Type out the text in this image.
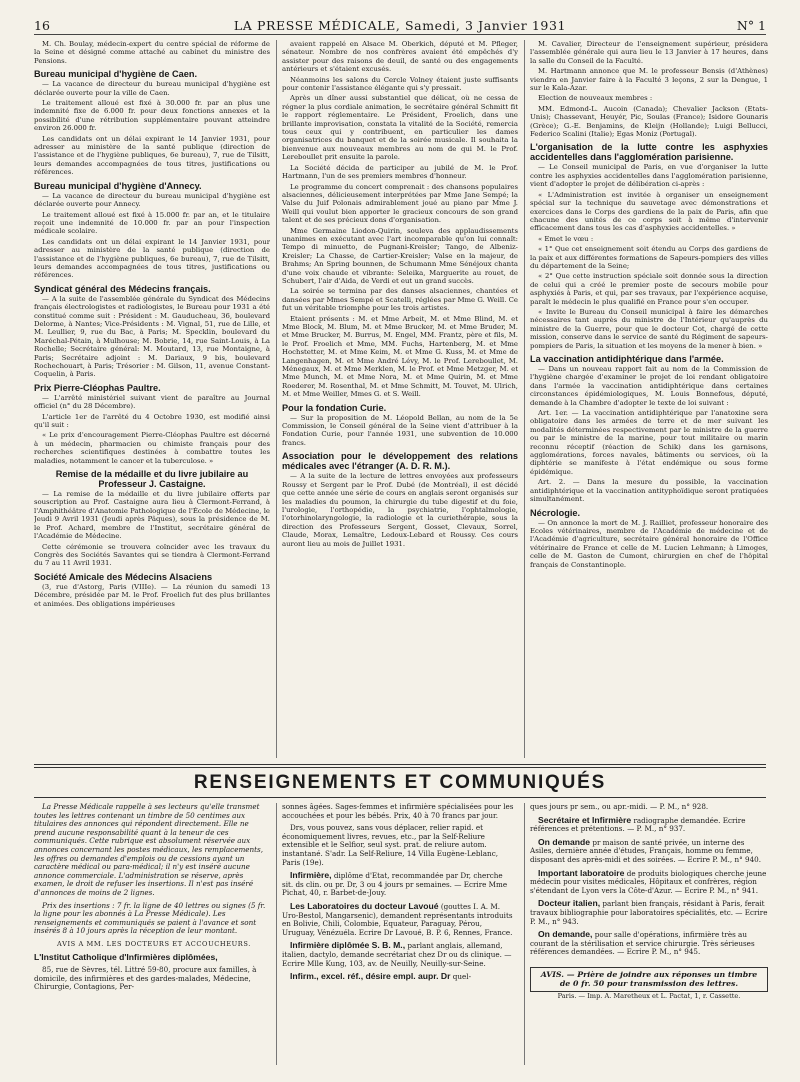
16	LA PRESSE MÉDICALE, Samedi, 3 Janvier 1931	N° 1

M. Ch. Boulay, médecin-expert du centre spécial de réforme de la Seine et désigné comme attaché au cabinet du ministre des Pensions.

Bureau municipal d'hygiène de Caen.

— La vacance de directeur du bureau municipal d'hygiène est déclarée ouverte pour la ville de Caen.

Le traitement alloué est fixé à 30.000 fr. par an plus une indemnité fixe de 6.000 fr. pour deux fonctions annexes et la possibilité d'une rétribution supplémentaire pouvant atteindre environ 26.000 fr.

Les candidats ont un délai expirant le 14 Janvier 1931, pour adresser au ministère de la santé publique (direction de l'assistance et de l'hygiène publiques, 6e bureau), 7, rue de Tilsitt, leurs demandes accompagnées de tous titres, justifications ou références.

Bureau municipal d'hygiène d'Annecy.

— La vacance de directeur du bureau municipal d'hygiène est déclarée ouverte pour Annecy.

Le traitement alloué est fixé à 15.000 fr. par an, et le titulaire reçoit une indemnité de 10.000 fr. par an pour l'inspection médicale scolaire.

Les candidats ont un délai expirant le 14 Janvier 1931, pour adresser au ministère de la santé publique (direction de l'assistance et de l'hygiène publiques, 6e bureau), 7, rue de Tilsitt, leurs demandes accompagnées de tous titres, justifications ou références.

Syndicat général des Médecins français.

— A la suite de l'assemblée générale du Syndicat des Médecins français électrologistes et radiologistes, le Bureau pour 1931 a été constitué comme suit : Président : M. Gauducheau, 36, boulevard Delorme, à Nantes; Vice-Présidents : M. Vignal, 51, rue de Lille, et M. Leullier, 9, rue du Bac, à Paris; M. Specklin, boulevard du Maréchal-Pétain, à Mulhouse; M. Bobrie, 14, rue Saint-Louis, à La Rochelle; Secrétaire général: M. Moutard, 13, rue Montaigne, à Paris; Secrétaire adjoint : M. Dariaux, 9 bis, boulevard Rochechouart, à Paris; Trésorier : M. Gilson, 11, avenue Constant-Coquelin, à Paris.

Prix Pierre-Cléophas Paultre.

— L'arrêté ministériel suivant vient de paraître au Journal officiel (n° du 28 Décembre).

L'article 1er de l'arrêté du 4 Octobre 1930, est modifié ainsi qu'il suit :

« Le prix d'encouragement Pierre-Cléophas Paultre est décerné à un médecin, pharmacien ou chimiste français pour des recherches scientifiques destinées à combattre toutes les maladies, notamment le cancer et la tuberculose. »

Remise de la médaille et du livre jubilaire au Professeur J. Castaigne.

— La remise de la médaille et du livre jubilaire offerts par souscription au Prof. Castaigne aura lieu à Clermont-Ferrand, à l'Amphithéâtre d'Anatomie Pathologique de l'École de Médecine, le Jeudi 9 Avril 1931 (Jeudi après Pâques), sous la présidence de M. le Prof. Achard, membre de l'Institut, secrétaire général de l'Académie de Médecine.

Cette cérémonie se trouvera coïncider avec les travaux du Congrès des Sociétés Savantes qui se tiendra à Clermont-Ferrand du 7 au 11 Avril 1931.

Société Amicale des Médecins Alsaciens

(3, rue d'Astorg, Paris (VIIIe). — La réunion du samedi 13 Décembre, présidée par M. le Prof. Froelich fut des plus brillantes et animées. Des obligations impérieuses

avaient rappelé en Alsace M. Oberkich, député et M. Pfleger, sénateur. Nombre de nos confrères avaient été empêchés d'y assister pour des raisons de deuil, de santé ou des engagements antérieurs et s'étaient excusés.

Néanmoins les salons du Cercle Volney étaient juste suffisants pour contenir l'assistance élégante qui s'y pressait.

Après un dîner aussi substantiel que délicat, où ne cessa de régner la plus cordiale animation, le secrétaire général Schmitt fit le rapport réglementaire. Le Président, Froelich, dans une brillante improvisation, constata la vitalité de la Société, remercia tous ceux qui y contribuent, en particulier les dames organisatrices du banquet et de la soirée musicale. Il souhaita la bienvenue aux nouveaux membres au nom de qui M. le Prof. Lereboullet prit ensuite la parole.

La Société décida de participer au jubilé de M. le Prof. Hartmann, l'un de ses premiers membres d'honneur.

Le programme du concert comprenait : des chansons populaires alsaciennes, délicieusement interprétées par Mme Jane Sempé; la Valse du Juif Polonais admirablement joué au piano par Mme J. Weill qui voulut bien apporter le gracieux concours de son grand talent et de ses précieux dons d'organisation.

Mme Germaine Liodon-Quirin, souleva des applaudissements unanimes en exécutant avec l'art incomparable qu'on lui connaît: Tempo di minuetto, de Pugnani-Kreisler; Tango, de Albeniz-Kreisler; La Chasse, de Cartier-Kreisler; Valse en la majeur, de Brahms; An Spring bounnen, de Schumann Mme Sénéjoux chanta d'une voix chaude et vibrante: Seleika, Marguerite au rouet, de Schubert, l'air d'Aida, de Verdi et eut un grand succès.

La soirée se termina par des danses alsaciennes, chantées et dansées par Mmes Sempé et Scatelli, réglées par Mme G. Weill. Ce fut un véritable triomphe pour les trois artistes.

Etaient présents : M. et Mme Arbeit, M. et Mme Blind, M. et Mme Block, M. Blum, M. et Mme Brucker, M. et Mme Bruder, M. et Mme Brucker, M. Burrus, M. Engel, MM. Frantz, père et fils, M. le Prof. Froelich et Mme, MM. Fuchs, Hartenberg, M. et Mme Hochstetter, M. et Mme Keim, M. et Mme G. Kuss, M. et Mme de Langenhagen, M. et Mme André Lévy, M. le Prof. Lereboullet, M. Ménegaux, M. et Mme Merklen, M. le Prof. et Mme Metzger, M. et Mme Munch, M. et Mme Nora, M. et Mme Quirin, M. et Mme Roederer, M. Rosenthal, M. et Mme Schmitt, M. Touvet, M. Ulrich, M. et Mme Weiller, Mmes G. et S. Weill.

Pour la fondation Curie.

— Sur la proposition de M. Léopold Bellan, au nom de la 5e Commission, le Conseil général de la Seine vient d'attribuer à la Fondation Curie, pour l'année 1931, une subvention de 10.000 francs.

Association pour le développement des relations médicales avec l'étranger (A. D. R. M.).

— A la suite de la lecture de lettres envoyées aux professeurs Roussy et Sergent par le Prof. Dubé (de Montréal), il est décidé que cette année une série de cours en anglais seront organisés sur les maladies du poumon, la chirurgie du tube digestif et du foie, l'urologie, l'orthopédie, la psychiatrie, l'ophtalmologie, l'otorhinolaryngologie, la radiologie et la curiethérapie, sous la direction des Professeurs Sergent, Gosset, Clevaux, Sorrel, Claude, Morax, Lemaître, Ledoux-Lebard et Roussy. Ces cours auront lieu au mois de Juillet 1931.

M. Cavalier, Directeur de l'enseignement supérieur, présidera l'assemblée générale qui aura lieu le 13 Janvier à 17 heures, dans la salle du Conseil de la Faculté.

M. Hartmann annonce que M. le professeur Bensis (d'Athènes) viendra en Janvier faire à la Faculté 3 leçons, 2 sur la Dengue, 1 sur le Kala-Azar.

Election de nouveaux membres :

MM. Edmond-L. Aucoin (Canada); Chevalier Jackson (Etats-Unis); Chassevant, Heuyér, Pic, Soulas (France); Isidore Gounaris (Grèce); G.-E. Benjamins, de Kleijn (Hollande); Luigi Bellucci, Federico Scalini (Italie); Egas Moniz (Portugal).

L'organisation de la lutte contre les asphyxies accidentelles dans l'agglomération parisienne.

— Le Conseil municipal de Paris, en vue d'organiser la lutte contre les asphyxies accidentelles dans l'agglomération parisienne, vient d'adopter le projet de délibération ci-après :

« L'Administration est invitée à organiser un enseignement spécial sur la technique du sauvetage avec démonstrations et exercices dans le Corps des gardiens de la paix de Paris, afin que chacune des unités de ce corps soit à même d'intervenir efficacement dans tous les cas d'asphyxies accidentelles. »

« Emet le vœu :

« 1° Que cet enseignement soit étendu au Corps des gardiens de la paix et aux différentes formations de Sapeurs-pompiers des villes du département de la Seine;

« 2° Que cette instruction spéciale soit donnée sous la direction de celui qui a créé le premier poste de secours mobile pour asphyxiés à Paris, et qui, par ses travaux, par l'expérience acquise, paraît le médecin le plus qualifié en France pour s'en occuper.

« Invite le Bureau du Conseil municipal à faire les démarches nécessaires tant auprès du ministre de l'Intérieur qu'auprès du ministre de la Guerre, pour que le docteur Cot, chargé de cette mission, conserve dans le service de santé du Régiment de sapeurs-pompiers de Paris, la situation et les moyens de la mener à bien. »

La vaccination antidiphtérique dans l'armée.

— Dans un nouveau rapport fait au nom de la Commission de l'hygiène chargée d'examiner le projet de loi rendant obligatoire dans l'armée la vaccination antidiphtérique dans certaines circonstances épidémiologiques, M. Louis Bonnefous, député, demande à la Chambre d'adopter le texte de loi suivant :

Art. 1er. — La vaccination antidiphtérique par l'anatoxine sera obligatoire dans les armées de terre et de mer suivant les modalités déterminées respectivement par le ministre de la guerre ou par le ministre de la marine, pour tout militaire ou marin reconnu réceptif (réaction de Schik) dans les garnisons, agglomérations, forces navales, bâtiments ou services, où la diphtérie se manifeste à l'état endémique ou sous forme épidémique.

Art. 2. — Dans la mesure du possible, la vaccination antidiphtérique et la vaccination antityphoïdique seront pratiquées simultanément.

Nécrologie.

— On annonce la mort de M. J. Railliet, professeur honoraire des Ecoles vétérinaires, membre de l'Académie de médecine et de l'Académie d'agriculture, secrétaire général honoraire de l'Office vétérinaire de France et celle de M. Lucien Lehmann; à Limoges, celle de M. Gaston de Cumont, chirurgien en chef de l'hôpital français de Constantinople.

RENSEIGNEMENTS ET COMMUNIQUÉS

La Presse Médicale rappelle à ses lecteurs qu'elle transmet toutes les lettres contenant un timbre de 50 centimes aux titulaires des annonces qui répondent directement. Elle ne prend aucune responsabilité quant à la teneur de ces communiqués. Cette rubrique est absolument réservée aux annonces concernant les postes médicaux, les remplacements, les offres ou demandes d'emplois ou de cessions ayant un caractère médical ou para-médical; il n'y est inséré aucune annonce commerciale. L'administration se réserve, après examen, le droit de refuser les insertions. Il n'est pas inséré d'annonces de moins de 2 lignes.

Prix des insertions : 7 fr. la ligne de 40 lettres ou signes (5 fr. la ligne pour les abonnés à La Presse Médicale). Les renseignements et communiqués se paient à l'avance et sont insérés 8 à 10 jours après la réception de leur montant.

AVIS A MM. LES DOCTEURS ET ACCOUCHEURS.

L'Institut Catholique d'Infirmières diplômées,

85, rue de Sèvres, tél. Littré 59-80, procure aux familles, à domicile, des infirmières et des gardes-malades, Médecine, Chirurgie, Contagions, Per-

sonnes âgées. Sages-femmes et infirmière spécialisées pour les accouchées et pour les bébés. Prix, 40 à 70 francs par jour.

Drs, vous pouvez, sans vous déplacer, relier rapid. et économiquement livres, revues, etc., par la Self-Reliure extensible et le Selfior, seul syst. prat. de reliure autom. instantané. S'adr. La Self-Reliure, 14 Villa Eugène-Leblanc, Paris (19e).

Infirmière, diplôme d'Etat, recommandée par Dr, cherche sit. ds clin. ou pr. Dr, 3 ou 4 jours pr semaines. — Ecrire Mme Pichat, 40, r. Barbet-de-Jouy.

Les Laboratoires du docteur Lavoué (gouttes I. A. M. Uro-Bestol, Mangarsenic), demandent représentants introduits en Bolivie, Chili, Colombie, Equateur, Paraguay, Pérou, Uruguay, Vénézuéla. Ecrire Dr Lavoué, B. P. 6, Rennes, France.

Infirmière diplômée S. B. M., parlant anglais, allemand, italien, dactylo, demande secrétariat chez Dr ou ds clinique. — Ecrire Mlle Kung, 103, av. de Neuilly, Neuilly-sur-Seine.

Infirm., excel. réf., désire empl. aupr. Dr quel-

ques jours pr sem., ou apr.-midi. — P. M., n° 928.

Secrétaire et Infirmière radiographe demandée. Ecrire références et prétentions. — P. M., n° 937.

On demande pr maison de santé privée, un interne des Asiles, dernière année d'études, Français, homme ou femme, disposant des après-midi et des soirées. — Ecrire P. M., n° 940.

Important laboratoire de produits biologiques cherche jeune médecin pour visites médicales, Hôpitaux et confrères, région s'étendant de Lyon vers la Côte-d'Azur. — Ecrire P. M., n° 941.

Docteur italien, parlant bien français, résidant à Paris, ferait travaux bibliographie pour laboratoires spécialités, etc. — Ecrire P. M., n° 943.

On demande, pour salle d'opérations, infirmière très au courant de la stérilisation et service chirurgie. Très sérieuses références demandées. — Ecrire P. M., n° 945.

AVIS. — Prière de joindre aux réponses un timbre de 0 fr. 50 pour transmission des lettres.

Paris. — Imp. A. Maretheux et L. Pactat, 1, r. Cassette.
